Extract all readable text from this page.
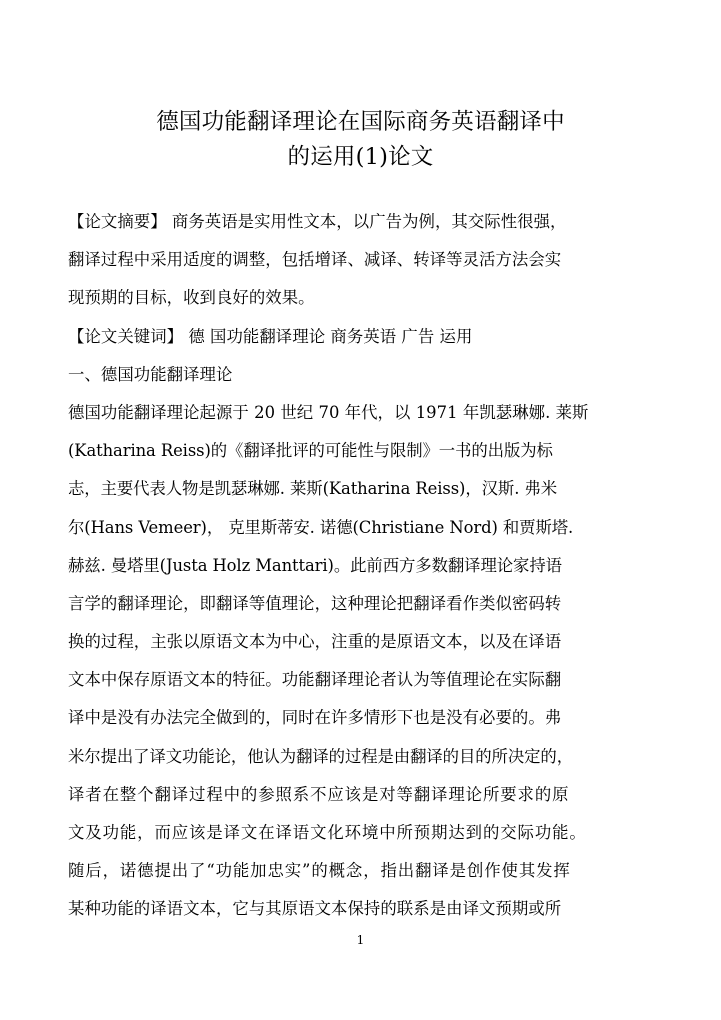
德国功能翻译理论在国际商务英语翻译中
的运用(1)论文
【论文摘要】 商务英语是实用性文本，以广告为例，其交际性很强，
翻译过程中采用适度的调整，包括增译、减译、转译等灵活方法会实
现预期的目标，收到良好的效果。
【论文关键词】 德 国功能翻译理论 商务英语 广告 运用
一、德国功能翻译理论
德国功能翻译理论起源于 20 世纪 70 年代，以 1971 年凯瑟琳娜. 莱斯
(Katharina Reiss)的《翻译批评的可能性与限制》一书的出版为标
志，主要代表人物是凯瑟琳娜. 莱斯(Katharina Reiss)，汉斯. 弗米
尔(Hans Vemeer)， 克里斯蒂安. 诺德(Christiane Nord) 和贾斯塔.
赫兹. 曼塔里(Justa Holz Manttari)。此前西方多数翻译理论家持语
言学的翻译理论，即翻译等值理论，这种理论把翻译看作类似密码转
换的过程，主张以原语文本为中心，注重的是原语文本，以及在译语
文本中保存原语文本的特征。功能翻译理论者认为等值理论在实际翻
译中是没有办法完全做到的，同时在许多情形下也是没有必要的。弗
米尔提出了译文功能论，他认为翻译的过程是由翻译的目的所决定的，
译者在整个翻译过程中的参照系不应该是对等翻译理论所要求的原
文及功能，而应该是译文在译语文化环境中所预期达到的交际功能。
随后，诺德提出了“功能加忠实”的概念，指出翻译是创作使其发挥
某种功能的译语文本，它与其原语文本保持的联系是由译文预期或所
1
